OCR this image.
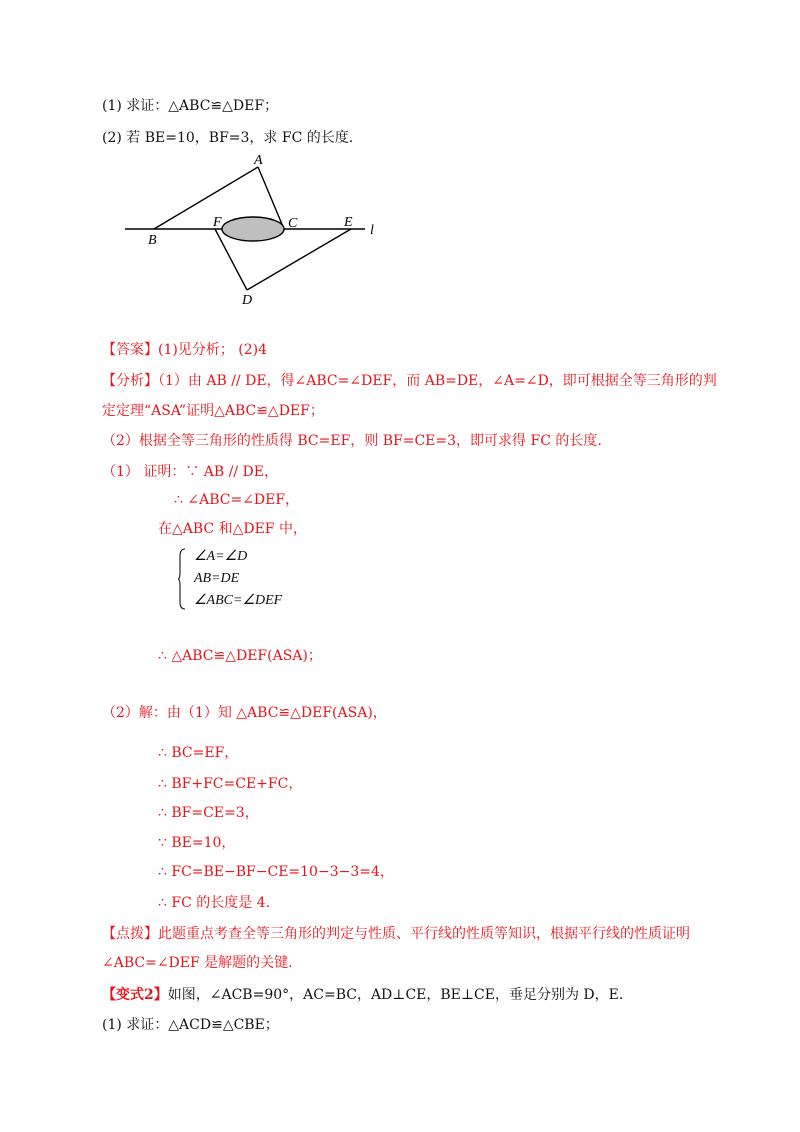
(1) 求证：△ABC≌△DEF；
(2) 若 BE=10，BF=3，求 FC 的长度.
A
B
F	C	E
D
l
【答案】(1)见分析； (2)4
【分析】（1）由 AB // DE，得∠ABC=∠DEF，而 AB=DE，∠A=∠D，即可根据全等三角形的判
定定理“ASA”证明△ABC≌△DEF；
（2）根据全等三角形的性质得 BC=EF，则 BF=CE=3，即可求得 FC 的长度.
（1） 证明：∵ AB // DE，
∴ ∠ABC=∠DEF，
在△ABC 和△DEF 中，
∠A=∠D
AB=DE
∠ABC=∠DEF
∴ △ABC≌△DEF(ASA)；
（2）解：由（1）知 △ABC≌△DEF(ASA)，
∴ BC=EF，
∴ BF+FC=CE+FC，
∴ BF=CE=3，
∵ BE=10，
∴ FC=BE−BF−CE=10−3−3=4，
∴ FC 的长度是 4.
【点拨】此题重点考查全等三角形的判定与性质、平行线的性质等知识，根据平行线的性质证明
∠ABC=∠DEF 是解题的关键.
【变式2】如图，∠ACB=90°，AC=BC，AD⊥CE，BE⊥CE，垂足分别为 D，E.
(1) 求证：△ACD≌△CBE；
